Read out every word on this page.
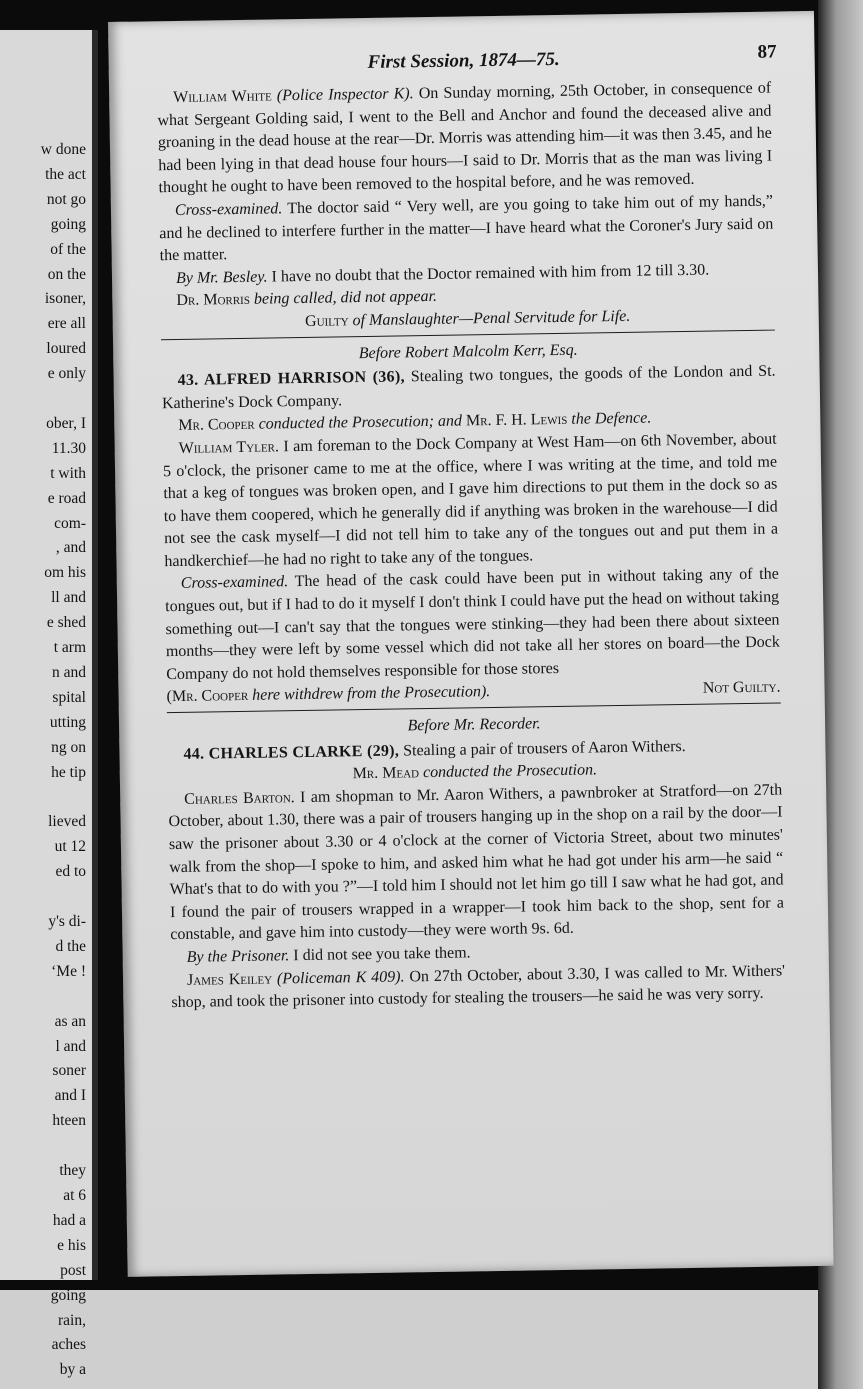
w done
the act
not go
going
of the
on the
isoner,
ere all
loured
e only
ober, I
11.30
t with
e road
com-
, and
om his
ll and
e shed
t arm
n and
spital
utting
ng on
he tip
lieved
ut 12
ed to
y's di-
d the
‘Me !
as an
l and
soner
and I
hteen
they
at 6
had a
e his
post
going
rain,
aches
by a
First Session, 1874—75.	87

William White (Police Inspector K). On Sunday morning, 25th October, in consequence of what Sergeant Golding said, I went to the Bell and Anchor and found the deceased alive and groaning in the dead house at the rear—Dr. Morris was attending him—it was then 3.45, and he had been lying in that dead house four hours—I said to Dr. Morris that as the man was living I thought he ought to have been removed to the hospital before, and he was removed.

Cross-examined. The doctor said “ Very well, are you going to take him out of my hands,” and he declined to interfere further in the matter—I have heard what the Coroner's Jury said on the matter.

By Mr. Besley. I have no doubt that the Doctor remained with him from 12 till 3.30.

Dr. Morris being called, did not appear.

Guilty of Manslaughter—Penal Servitude for Life.

Before Robert Malcolm Kerr, Esq.

43. ALFRED HARRISON (36), Stealing two tongues, the goods of the London and St. Katherine's Dock Company.

Mr. Cooper conducted the Prosecution; and Mr. F. H. Lewis the Defence.

William Tyler. I am foreman to the Dock Company at West Ham—on 6th November, about 5 o'clock, the prisoner came to me at the office, where I was writing at the time, and told me that a keg of tongues was broken open, and I gave him directions to put them in the dock so as to have them coopered, which he generally did if anything was broken in the warehouse—I did not see the cask myself—I did not tell him to take any of the tongues out and put them in a handkerchief—he had no right to take any of the tongues.

Cross-examined. The head of the cask could have been put in without taking any of the tongues out, but if I had to do it myself I don't think I could have put the head on without taking something out—I can't say that the tongues were stinking—they had been there about sixteen months—they were left by some vessel which did not take all her stores on board—the Dock Company do not hold themselves responsible for those stores

(Mr. Cooper here withdrew from the Prosecution).	Not Guilty.
Before Mr. Recorder.

44. CHARLES CLARKE (29), Stealing a pair of trousers of Aaron Withers.

Mr. Mead conducted the Prosecution.

Charles Barton. I am shopman to Mr. Aaron Withers, a pawnbroker at Stratford—on 27th October, about 1.30, there was a pair of trousers hanging up in the shop on a rail by the door—I saw the prisoner about 3.30 or 4 o'clock at the corner of Victoria Street, about two minutes' walk from the shop—I spoke to him, and asked him what he had got under his arm—he said “ What's that to do with you ?”—I told him I should not let him go till I saw what he had got, and I found the pair of trousers wrapped in a wrapper—I took him back to the shop, sent for a constable, and gave him into custody—they were worth 9s. 6d.

By the Prisoner. I did not see you take them.

James Keiley (Policeman K 409). On 27th October, about 3.30, I was called to Mr. Withers' shop, and took the prisoner into custody for stealing the trousers—he said he was very sorry.
